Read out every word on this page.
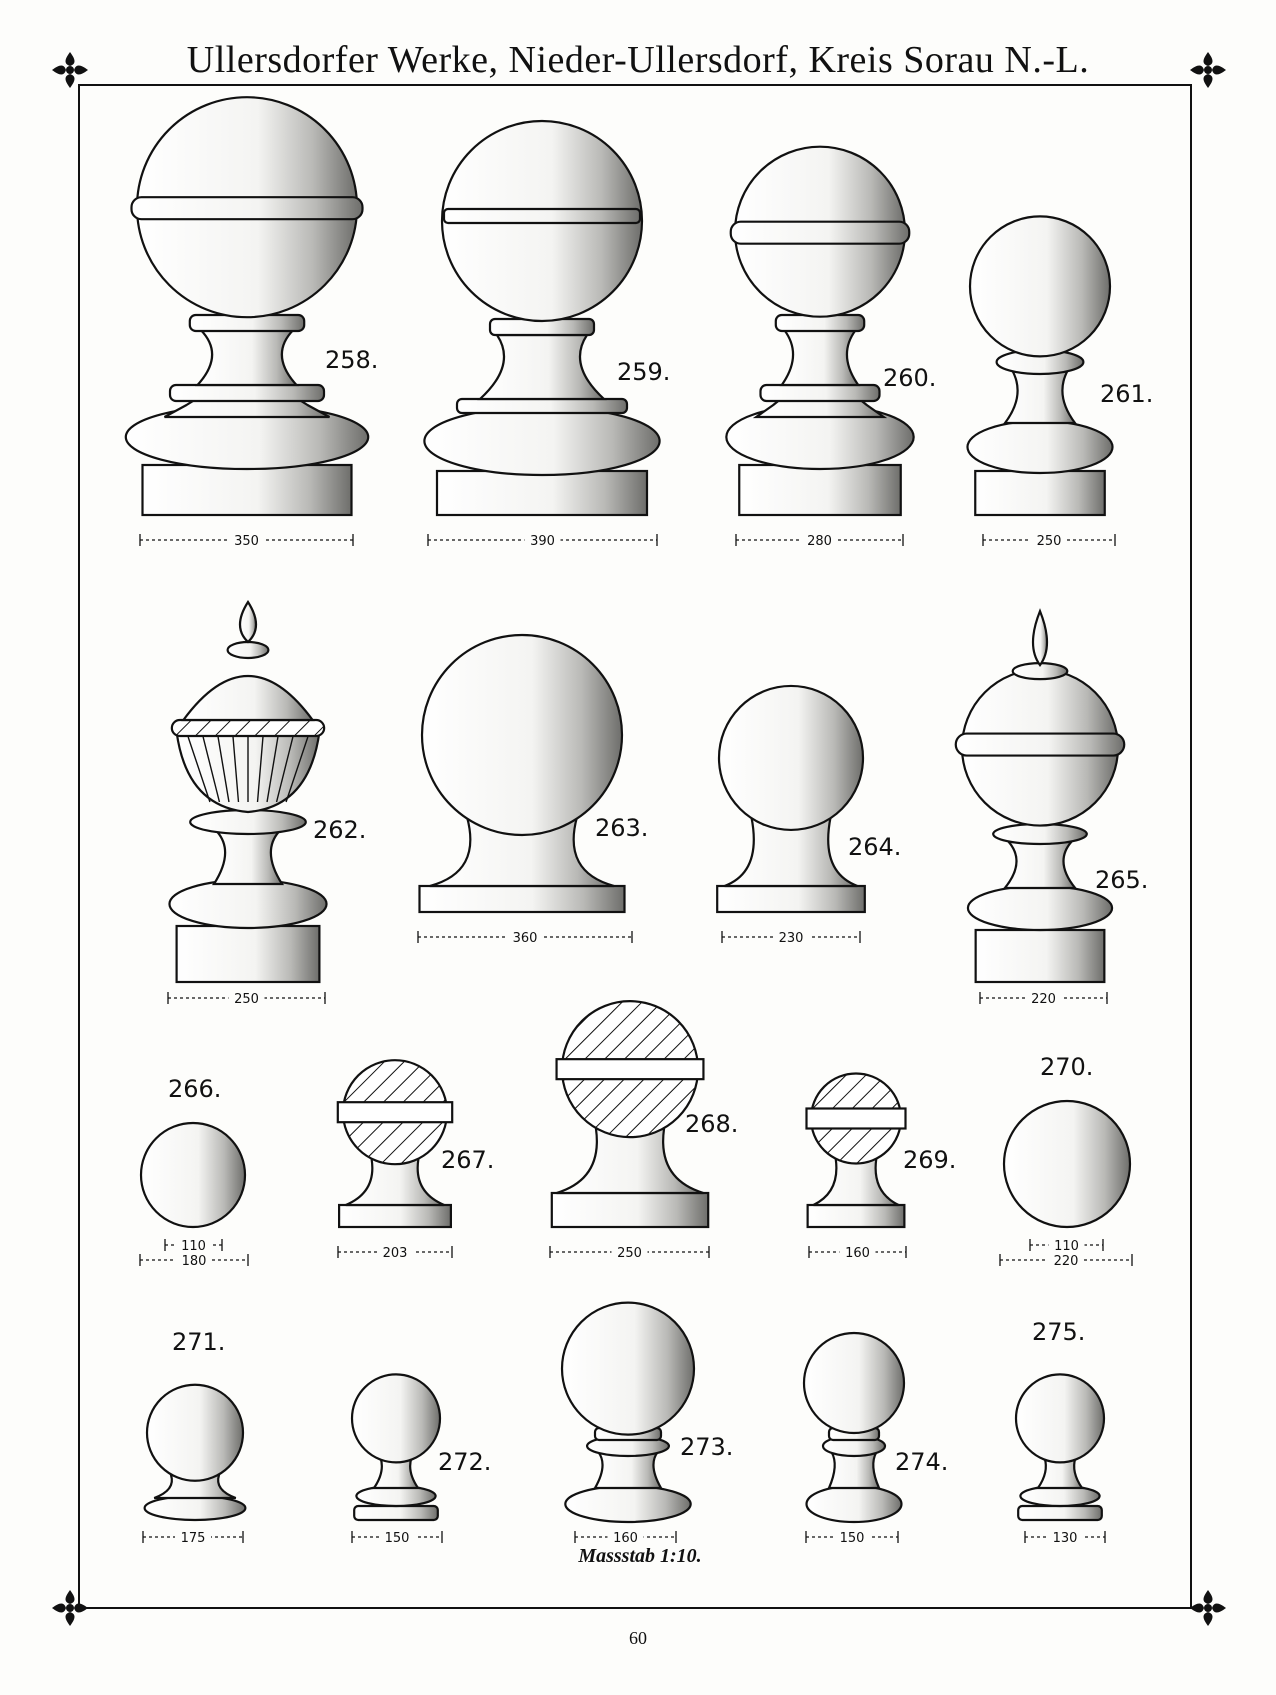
Ullersdorfer Werke, Nieder-Ullersdorf, Kreis Sorau N.-L.
258.
350
259.
390
260.
280
261.
250
262.
250
263.
360
264.
230
265.
220
266.
180
110
267.
203
268.
250
269.
160
270.
220
110
271.
175
272.
150
273.
160
274.
150
275.
130
Massstab 1:10.
60
